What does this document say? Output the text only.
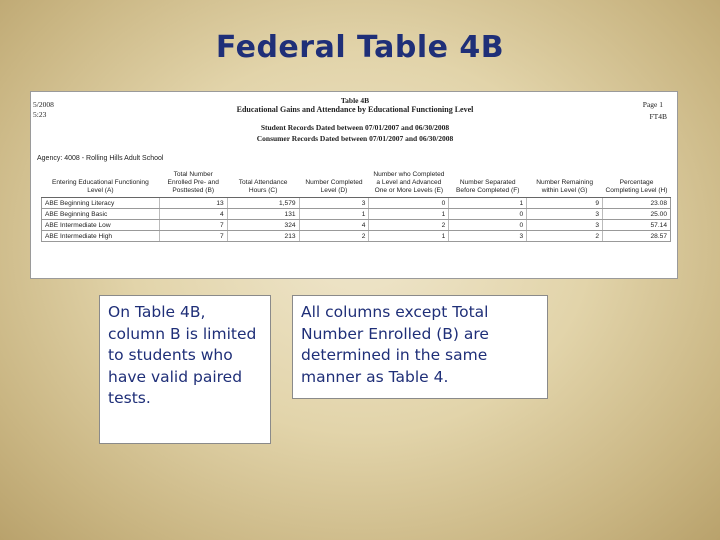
Federal Table 4B
5/2008
5:23
Table 4B
Educational Gains and Attendance by Educational Functioning Level
Page 1
FT4B
Student Records Dated between 07/01/2007 and 06/30/2008
Consumer Records Dated between 07/01/2007 and 06/30/2008
Agency: 4008 - Rolling Hills Adult School
Entering Educational Functioning Level (A)	Total Number Enrolled Pre- and Posttested (B)	Total Attendance Hours (C)	Number Completed Level (D)	Number who Completed a Level and Advanced One or More Levels (E)	Number Separated Before Completed (F)	Number Remaining within Level (G)	Percentage Completing Level (H)
ABE Beginning Literacy	13	1,579	3	0	1	9	23.08
ABE Beginning Basic	4	131	1	1	0	3	25.00
ABE Intermediate Low	7	324	4	2	0	3	57.14
ABE Intermediate High	7	213	2	1	3	2	28.57
On Table 4B, column B is limited to students who have valid paired tests.
All columns except Total Number Enrolled (B) are determined in the same manner as Table 4.
